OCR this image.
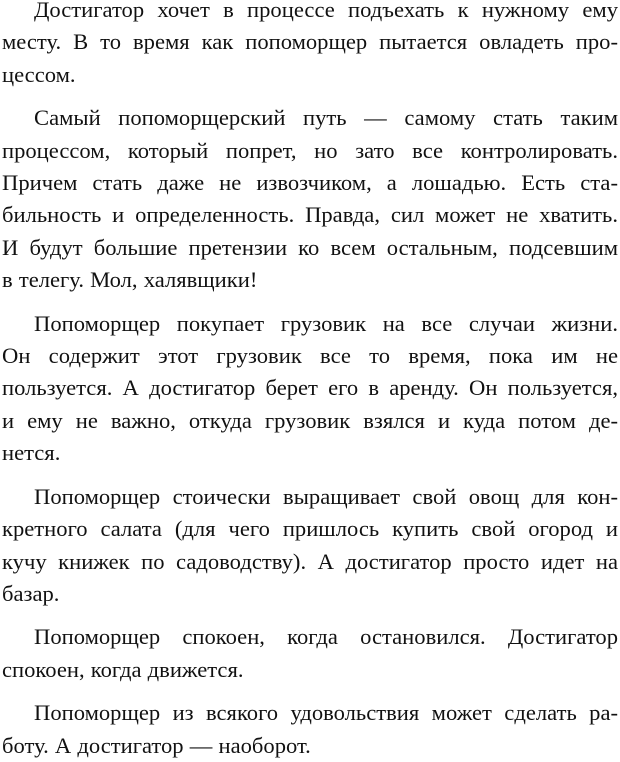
Достигатор хочет в процессе подъехать к нужному ему
месту. В то время как попоморщер пытается овладеть про-
цессом.
Самый попоморщерский путь — самому стать таким
процессом, который попрет, но зато все контролировать.
Причем стать даже не извозчиком, а лошадью. Есть ста-
бильность и определенность. Правда, сил может не хватить.
И будут большие претензии ко всем остальным, подсевшим
в телегу. Мол, халявщики!
Попоморщер покупает грузовик на все случаи жизни.
Он содержит этот грузовик все то время, пока им не
пользуется. А достигатор берет его в аренду. Он пользуется,
и ему не важно, откуда грузовик взялся и куда потом де-
нется.
Попоморщер стоически выращивает свой овощ для кон-
кретного салата (для чего пришлось купить свой огород и
кучу книжек по садоводству). А достигатор просто идет на
базар.
Попоморщер спокоен, когда остановился. Достигатор
спокоен, когда движется.
Попоморщер из всякого удовольствия может сделать ра-
боту. А достигатор — наоборот.
